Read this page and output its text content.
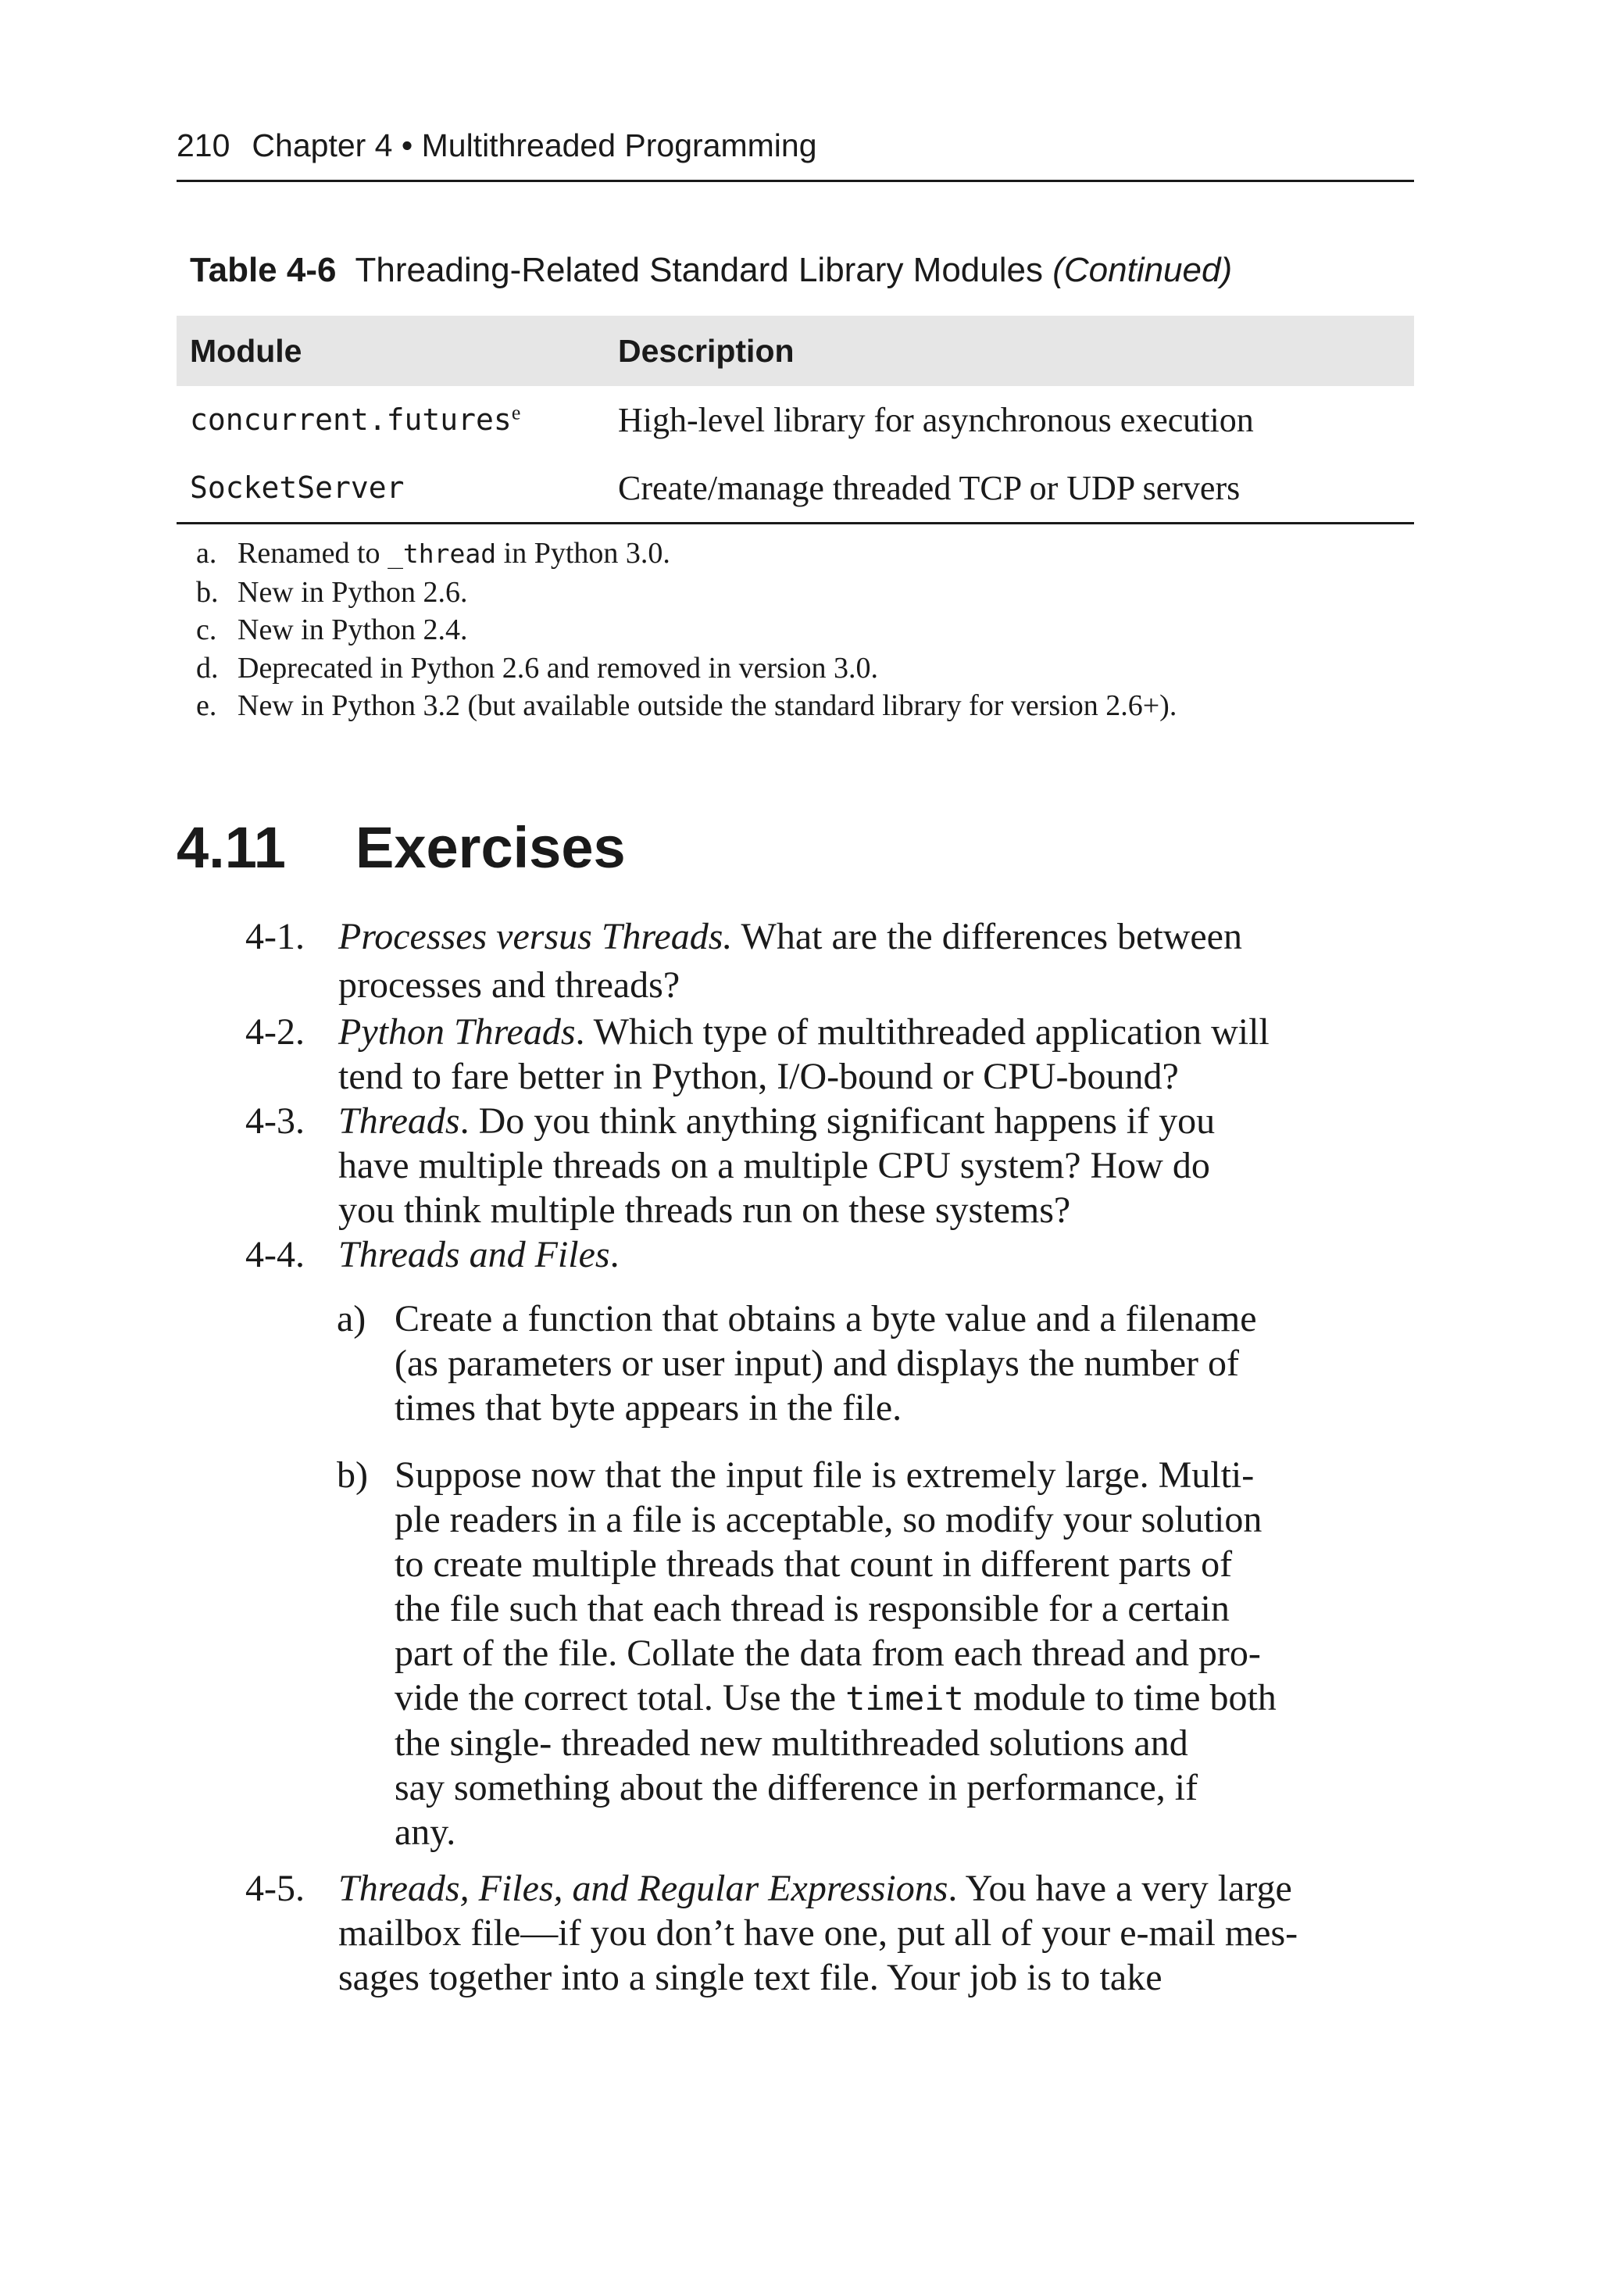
210 Chapter 4 • Multithreaded Programming
Table 4-6 Threading-Related Standard Library Modules (Continued)
Module	Description
concurrent.futures$^e$	High-level library for asynchronous execution
SocketServer	Create/manage threaded TCP or UDP servers
a. Renamed to _thread in Python 3.0.
b. New in Python 2.6.
c. New in Python 2.4.
d. Deprecated in Python 2.6 and removed in version 3.0.
e. New in Python 3.2 (but available outside the standard library for version 2.6+).
4.11 Exercises
4-1. Processes versus Threads. What are the differences between
processes and threads?
4-2. Python Threads. Which type of multithreaded application will
tend to fare better in Python, I/O-bound or CPU-bound?
4-3. Threads. Do you think anything significant happens if you
have multiple threads on a multiple CPU system? How do
you think multiple threads run on these systems?
4-4. Threads and Files.
a) Create a function that obtains a byte value and a filename
(as parameters or user input) and displays the number of
times that byte appears in the file.
b) Suppose now that the input file is extremely large. Multi-
ple readers in a file is acceptable, so modify your solution
to create multiple threads that count in different parts of
the file such that each thread is responsible for a certain
part of the file. Collate the data from each thread and pro-
vide the correct total. Use the timeit module to time both
the single- threaded new multithreaded solutions and
say something about the difference in performance, if
any.
4-5. Threads, Files, and Regular Expressions. You have a very large
mailbox file—if you don’t have one, put all of your e-mail mes-
sages together into a single text file. Your job is to take
